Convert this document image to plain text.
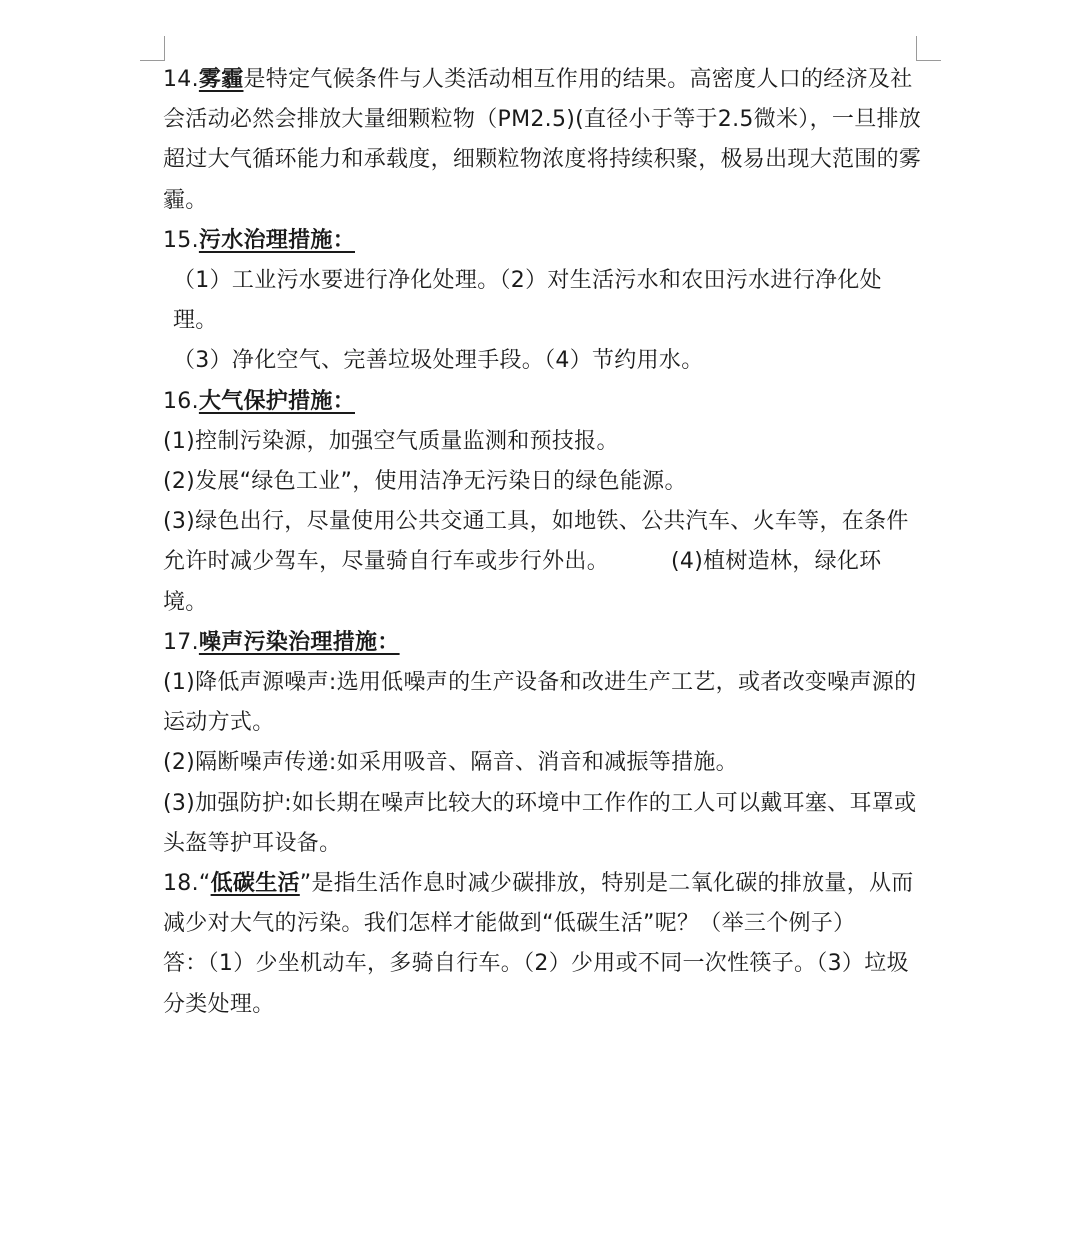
14.雾霾是特定气候条件与人类活动相互作用的结果。高密度人口的经济及社会活动必然会排放大量细颗粒物（PM2.5)(直径小于等于2.5微米），一旦排放超过大气循环能力和承载度，细颗粒物浓度将持续积聚，极易出现大范围的雾霾。

15.污水治理措施：

（1）工业污水要进行净化处理。（2）对生活污水和农田污水进行净化处理。

（3）净化空气、完善垃圾处理手段。（4）节约用水。

16.大气保护措施：

(1)控制污染源，加强空气质量监测和预技报。

(2)发展“绿色工业”，使用洁净无污染日的绿色能源。

(3)绿色出行，尽量使用公共交通工具，如地铁、公共汽车、火车等，在条件允许时减少驾车，尽量骑自行车或步行外出。	(4)植树造林，绿化环境。

17.噪声污染治理措施：

(1)降低声源噪声:选用低噪声的生产设备和改进生产工艺，或者改变噪声源的运动方式。

(2)隔断噪声传递:如采用吸音、隔音、消音和减振等措施。

(3)加强防护:如长期在噪声比较大的环境中工作作的工人可以戴耳塞、耳罩或头盔等护耳设备。

18.“低碳生活”是指生活作息时减少碳排放，特别是二氧化碳的排放量，从而减少对大气的污染。我们怎样才能做到“低碳生活”呢？（举三个例子）

答：（1）少坐机动车，多骑自行车。（2）少用或不同一次性筷子。（3）垃圾分类处理。
